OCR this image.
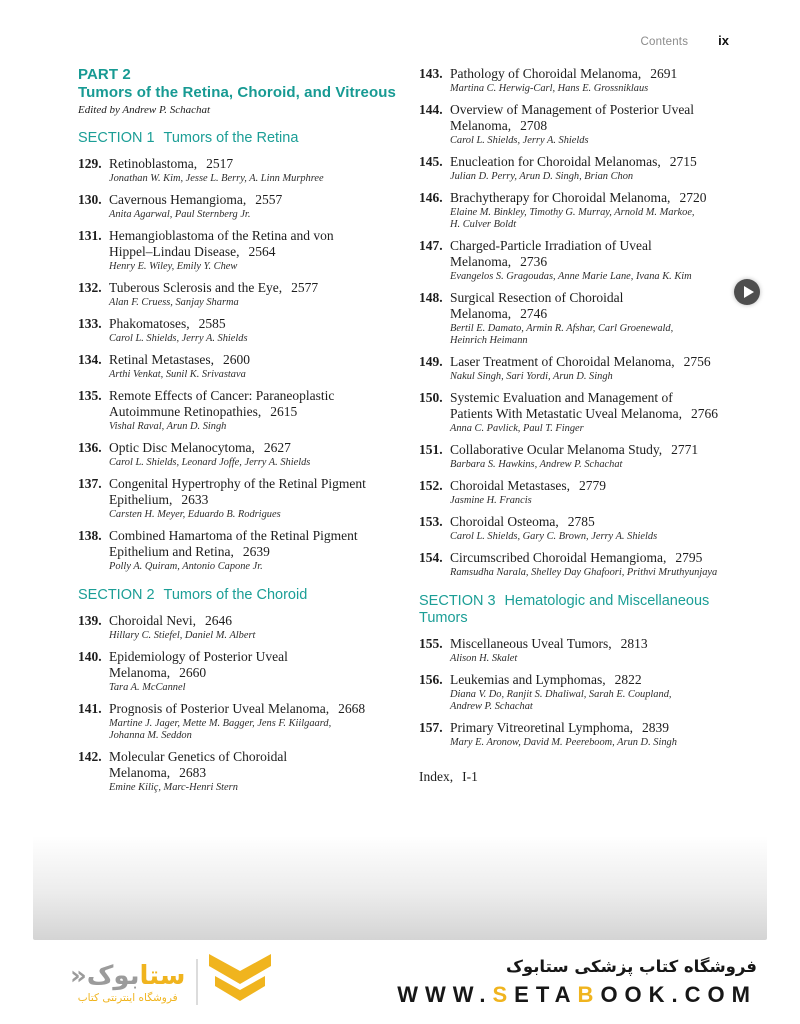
Contents ix
PART 2
Tumors of the Retina, Choroid, and Vitreous
Edited by Andrew P. Schachat
SECTION 1 Tumors of the Retina
129. Retinoblastoma, 2517
Jonathan W. Kim, Jesse L. Berry, A. Linn Murphree
130. Cavernous Hemangioma, 2557
Anita Agarwal, Paul Sternberg Jr.
131. Hemangioblastoma of the Retina and vonHippel–Lindau Disease, 2564
Henry E. Wiley, Emily Y. Chew
132. Tuberous Sclerosis and the Eye, 2577
Alan F. Cruess, Sanjay Sharma
133. Phakomatoses, 2585
Carol L. Shields, Jerry A. Shields
134. Retinal Metastases, 2600
Arthi Venkat, Sunil K. Srivastava
135. Remote Effects of Cancer: ParaneoplasticAutoimmune Retinopathies, 2615
Vishal Raval, Arun D. Singh
136. Optic Disc Melanocytoma, 2627
Carol L. Shields, Leonard Joffe, Jerry A. Shields
137. Congenital Hypertrophy of the Retinal PigmentEpithelium, 2633
Carsten H. Meyer, Eduardo B. Rodrigues
138. Combined Hamartoma of the Retinal PigmentEpithelium and Retina, 2639
Polly A. Quiram, Antonio Capone Jr.
SECTION 2 Tumors of the Choroid
139. Choroidal Nevi, 2646
Hillary C. Stiefel, Daniel M. Albert
140. Epidemiology of Posterior UvealMelanoma, 2660
Tara A. McCannel
141. Prognosis of Posterior Uveal Melanoma, 2668
Martine J. Jager, Mette M. Bagger, Jens F. Kiilgaard,Johanna M. Seddon
142. Molecular Genetics of ChoroidalMelanoma, 2683
Emine Kiliç, Marc-Henri Stern
143. Pathology of Choroidal Melanoma, 2691
Martina C. Herwig-Carl, Hans E. Grossniklaus
144. Overview of Management of Posterior UvealMelanoma, 2708
Carol L. Shields, Jerry A. Shields
145. Enucleation for Choroidal Melanomas, 2715
Julian D. Perry, Arun D. Singh, Brian Chon
146. Brachytherapy for Choroidal Melanoma, 2720
Elaine M. Binkley, Timothy G. Murray, Arnold M. Markoe,H. Culver Boldt
147. Charged-Particle Irradiation of UvealMelanoma, 2736
Evangelos S. Gragoudas, Anne Marie Lane, Ivana K. Kim
148. Surgical Resection of ChoroidalMelanoma, 2746
Bertil E. Damato, Armin R. Afshar, Carl Groenewald,Heinrich Heimann
149. Laser Treatment of Choroidal Melanoma, 2756
Nakul Singh, Sari Yordi, Arun D. Singh
150. Systemic Evaluation and Management ofPatients With Metastatic Uveal Melanoma, 2766
Anna C. Pavlick, Paul T. Finger
151. Collaborative Ocular Melanoma Study, 2771
Barbara S. Hawkins, Andrew P. Schachat
152. Choroidal Metastases, 2779
Jasmine H. Francis
153. Choroidal Osteoma, 2785
Carol L. Shields, Gary C. Brown, Jerry A. Shields
154. Circumscribed Choroidal Hemangioma, 2795
Ramsudha Narala, Shelley Day Ghafoori, Prithvi Mruthyunjaya
SECTION 3 Hematologic and Miscellaneous Tumors
155. Miscellaneous Uveal Tumors, 2813
Alison H. Skalet
156. Leukemias and Lymphomas, 2822
Diana V. Do, Ranjit S. Dhaliwal, Sarah E. Coupland,Andrew P. Schachat
157. Primary Vitreoretinal Lymphoma, 2839
Mary E. Aronow, David M. Peereboom, Arun D. Singh
Index, I-1
ستابوک«
فروشگاه اینترنتی کتاب
فروشگاه کتاب پزشکی ستابوک
WWW.SETABOOK.COM
